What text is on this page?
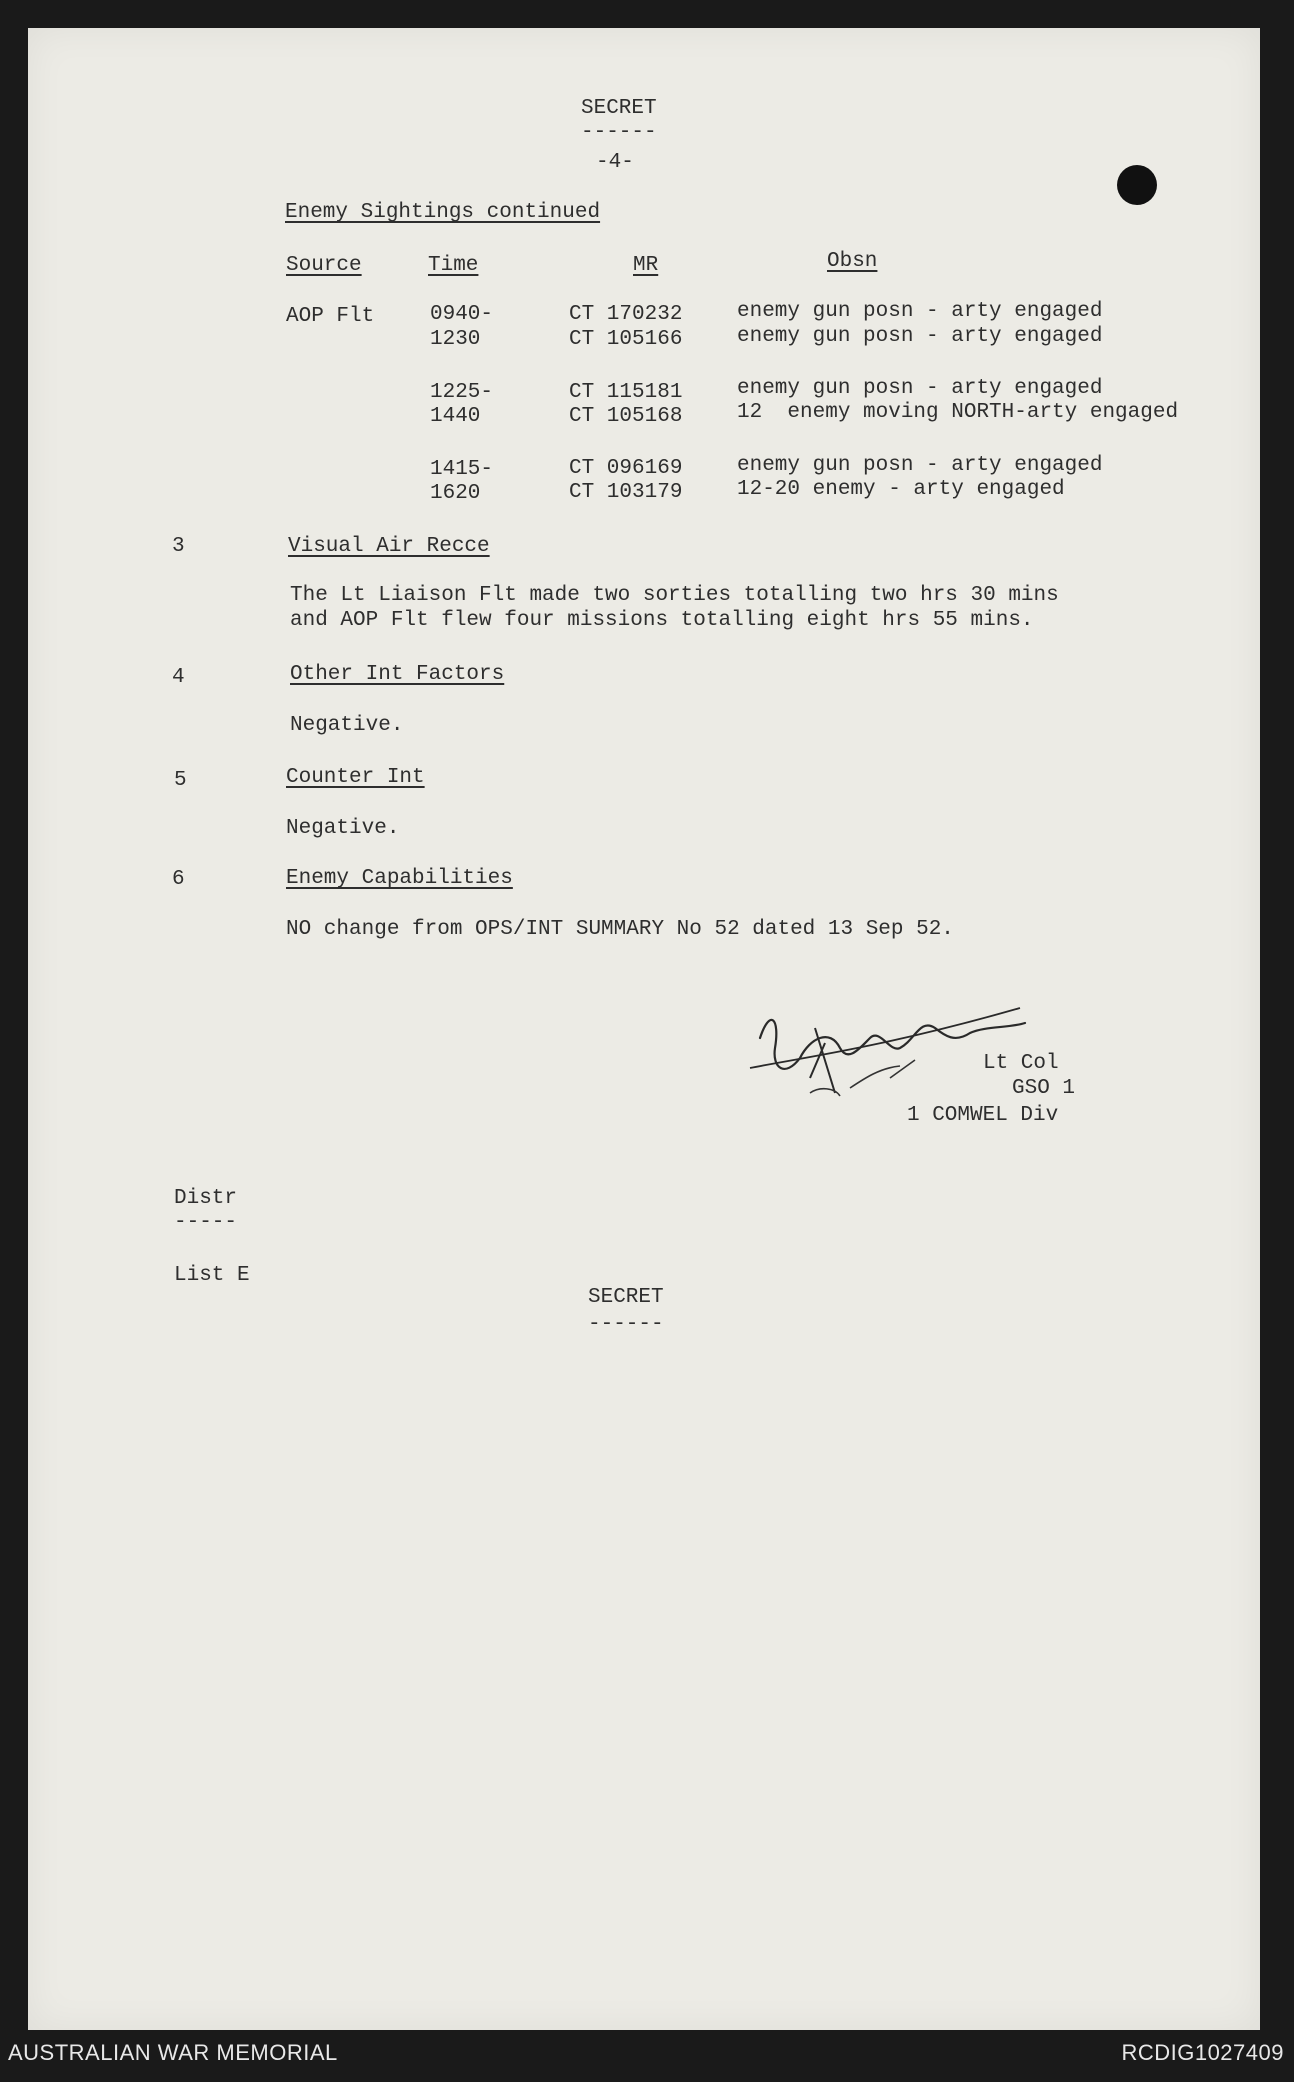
SECRET
------
-4-
Enemy Sightings continued
Source	Time	MR	Obsn
AOP Flt	0940-	CT 170232	enemy gun posn - arty engaged
1230	CT 105166	enemy gun posn - arty engaged
1225-	CT 115181	enemy gun posn - arty engaged
1440	CT 105168	12  enemy moving NORTH-arty engaged
1415-	CT 096169	enemy gun posn - arty engaged
1620	CT 103179	12-20 enemy - arty engaged
3	Visual Air Recce
The Lt Liaison Flt made two sorties totalling two hrs 30 mins
and AOP Flt flew four missions totalling eight hrs 55 mins.
4	Other Int Factors
Negative.
5	Counter Int
Negative.
6	Enemy Capabilities
NO change from OPS/INT SUMMARY No 52 dated 13 Sep 52.
Lt Col
GSO 1
1 COMWEL Div
Distr
-----
List E
SECRET
------
AUSTRALIAN WAR MEMORIAL	RCDIG1027409
